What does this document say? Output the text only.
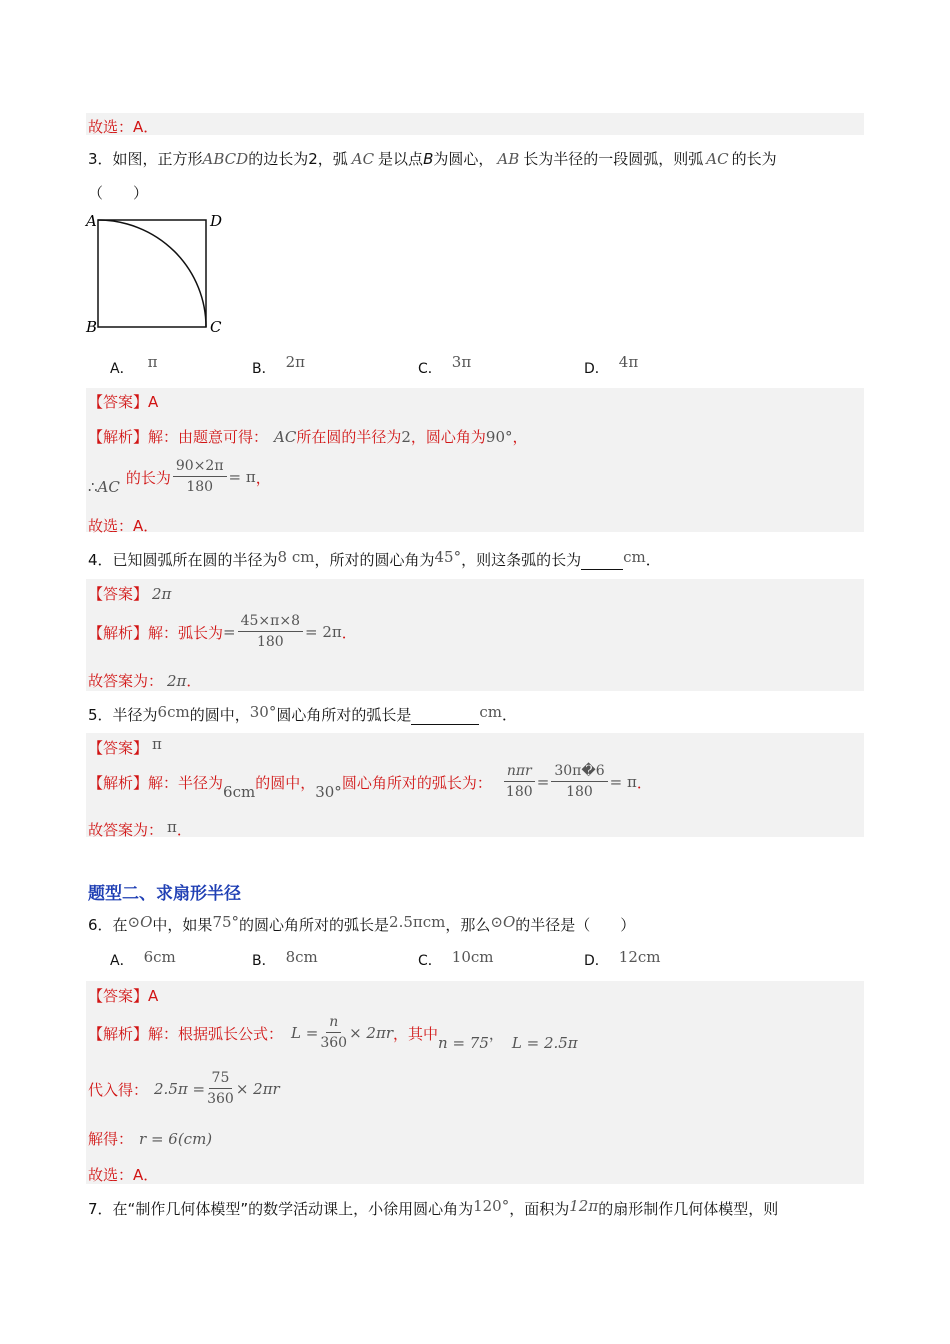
故选：A．
3．如图，正方形ABCD的边长为2，弧 AC 是以点B为圆心， AB 长为半径的一段圆弧，则弧 AC 的长为
（　　）
A	D
B	C
A． π	B． 2π	C． 3π	D． 4π
【答案】A
【解析】解：由题意可得： AC所在圆的半径为2，圆心角为90°，
∴ AC
的长为 $\frac{90\times 2\pi}{180} = \pi$ ，
故选：A．
4．已知圆弧所在圆的半径为8 cm，所对的圆心角为45°，则这条弧的长为	cm．
【答案】 2π
【解析】 解：弧长为 = $\frac{45\times\pi\times 8}{180} = 2\pi$ ．
故答案为： 2π．
5．半径为6cm的圆中，30°圆心角所对的弧长是	cm．
【答案】 π
【解析】 解：半径为
6cm
的圆中，
30°
圆心角所对的弧长为： $\frac{\text{nπr}}{180} = \frac{30\pi�6}{180} = \pi$ ．
故答案为： π．
题型二、求扇形半径
6．在⊙O中，如果75°的圆心角所对的弧长是2.5πcm，那么⊙O的半径是（　　）
A． 6cm	B． 8cm	C． 10cm	D． 12cm
【答案】A
【解析】 解：根据弧长公式： $L = \frac{n}{360} \times 2\pi r$ ，其中
n = 75
，
L = 2.5π
代入得： $2.5\pi = \frac{75}{360} \times 2\pi r$
解得： r = 6(cm)
故选：A．
7．在“制作几何体模型”的数学活动课上，小徐用圆心角为120°，面积为12π的扇形制作几何体模型，则
